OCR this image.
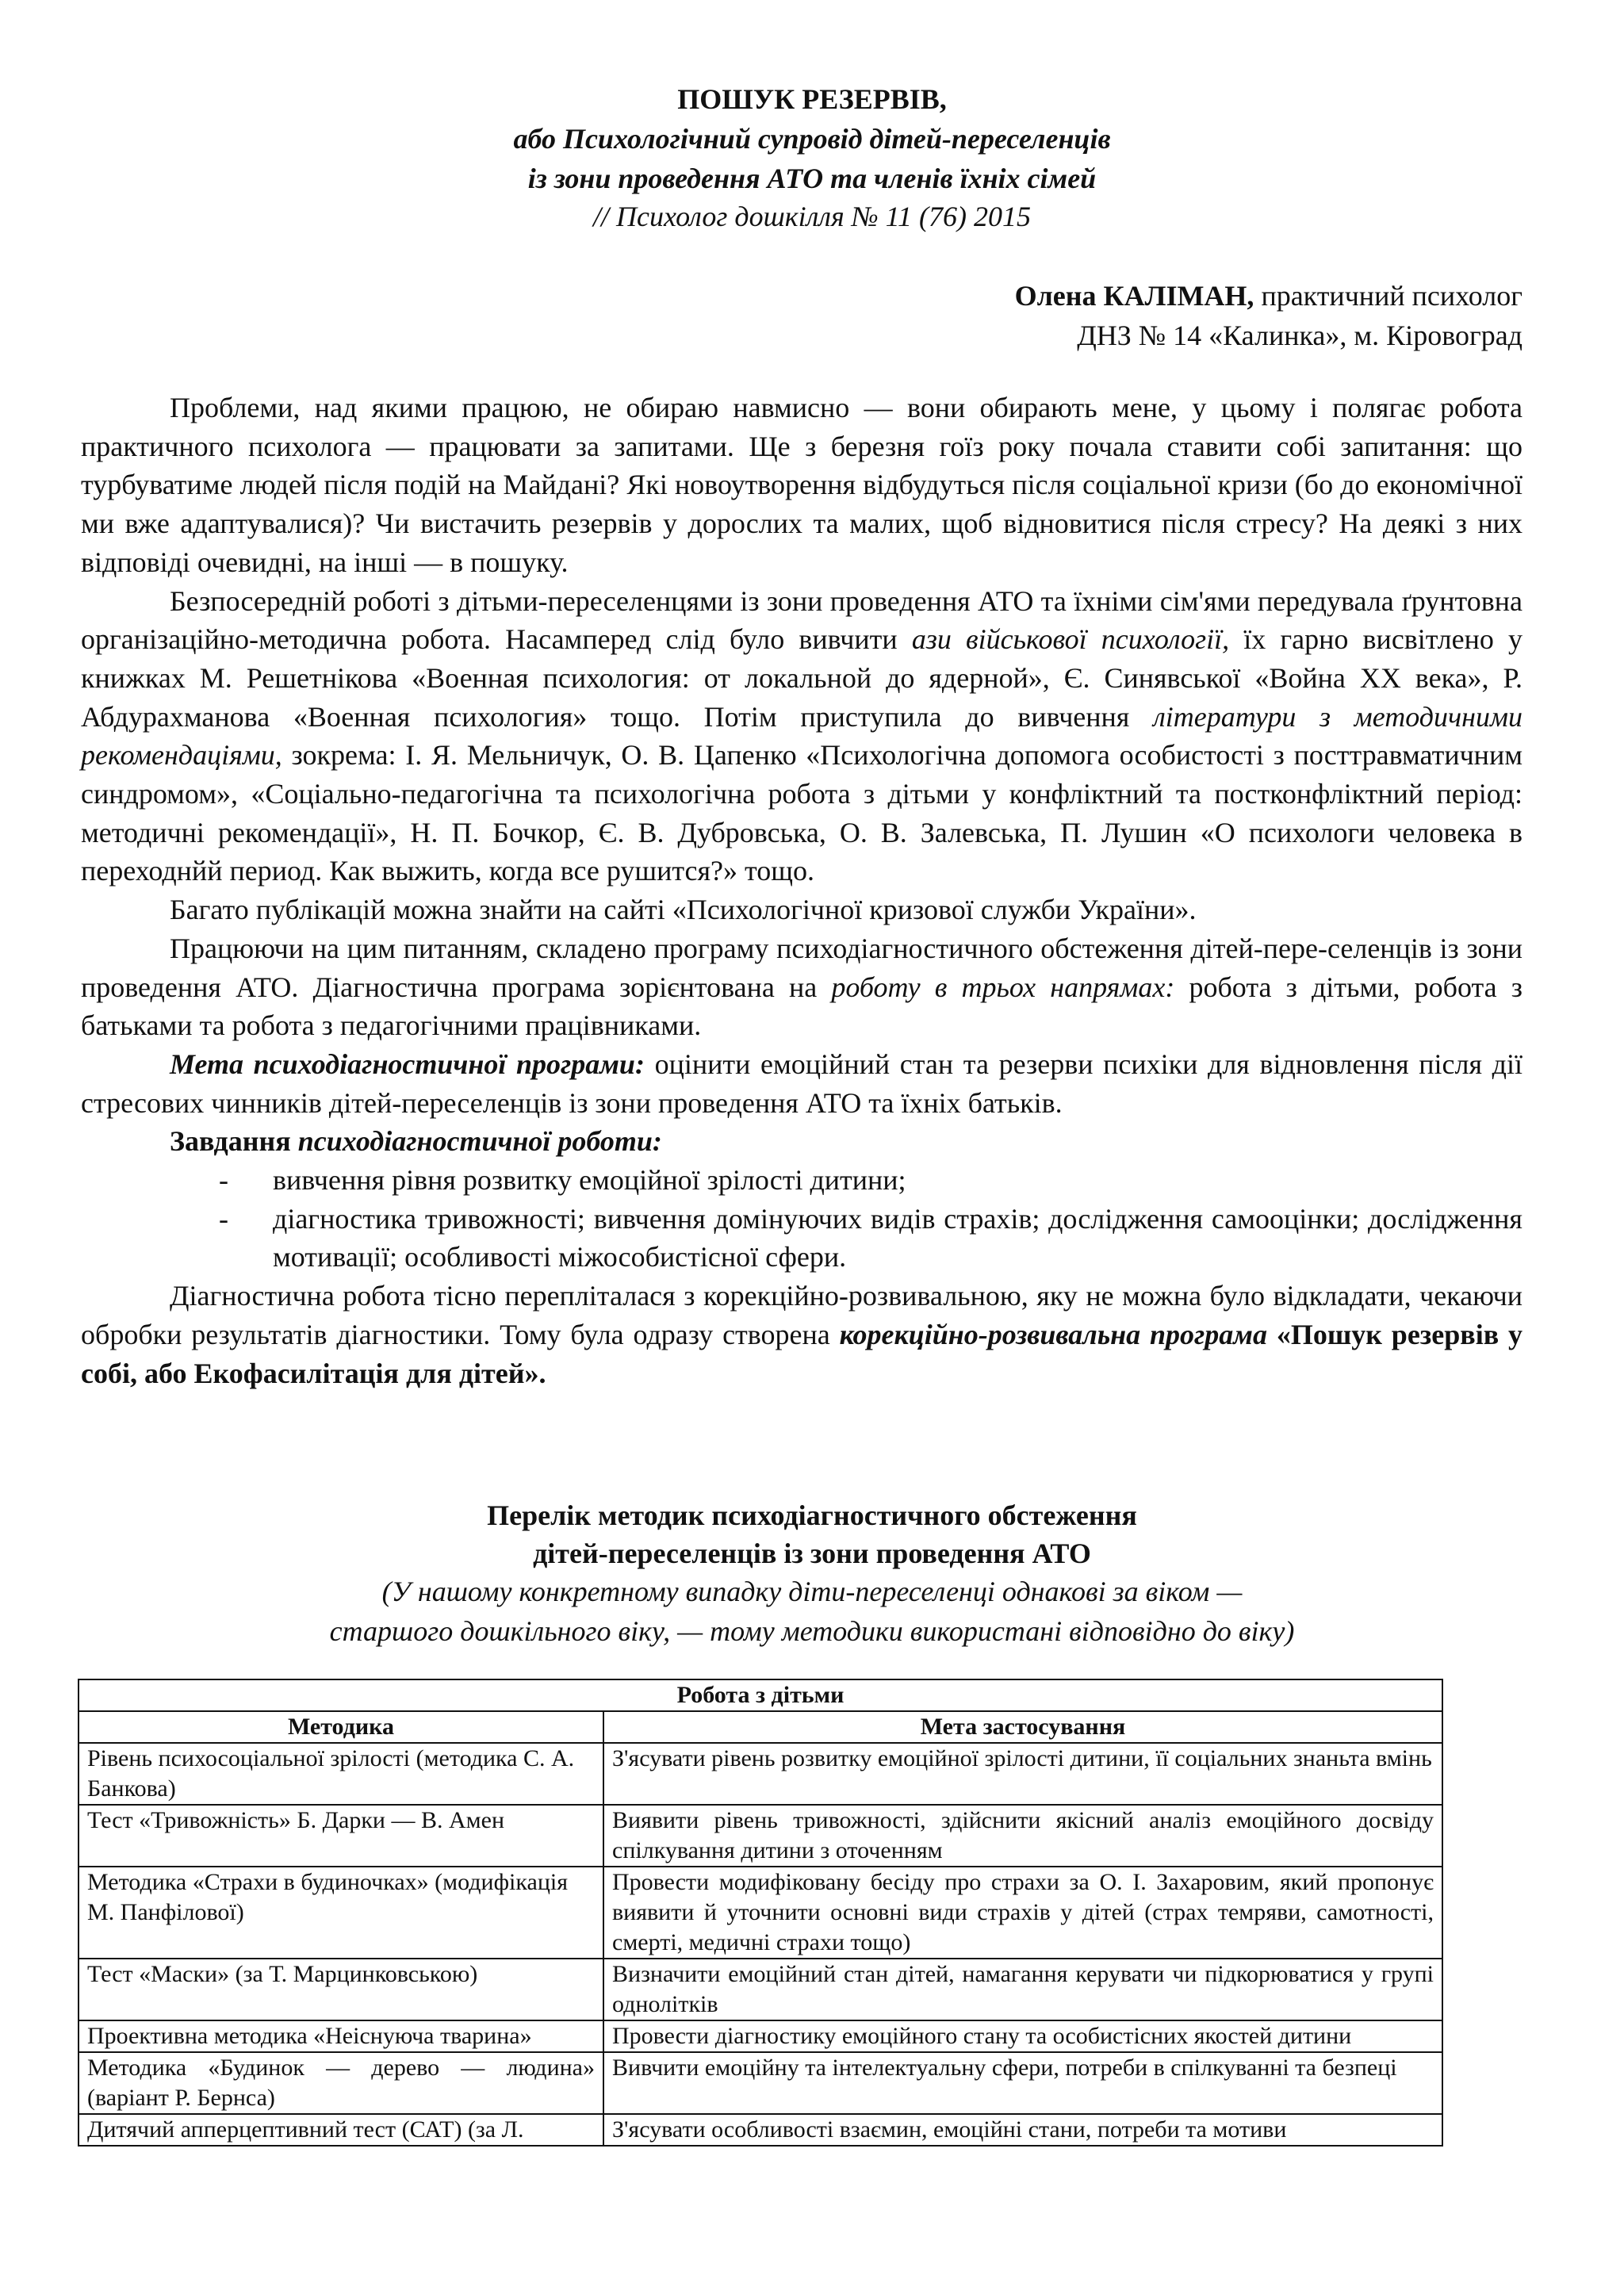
ПОШУК РЕЗЕРВІВ,
або Психологічний супровід дітей-переселенців
із зони проведення АТО та членів їхніх сімей
// Психолог дошкілля № 11 (76) 2015
Олена КАЛІМАН, практичний психолог
ДНЗ № 14 «Калинка», м. Кіровоград

Проблеми, над якими працюю, не обираю навмисно — вони обирають мене, у цьому і полягає робота практичного психолога — працювати за запитами. Ще з березня гоїз року почала ставити собі запитання: що турбуватиме людей після подій на Майдані? Які новоутворення відбудуться після соціальної кризи (бо до економічної ми вже адаптувалися)? Чи вистачить резервів у дорослих та малих, щоб відновитися після стресу? На деякі з них відповіді очевидні, на інші — в пошуку.

Безпосередній роботі з дітьми-переселенцями із зони проведення АТО та їхніми сім'ями передувала ґрунтовна організаційно-методична робота. Насамперед слід було вивчити ази військової психології, їх гарно висвітлено у книжках М. Решетнікова «Военная психология: от локальной до ядерной», Є. Синявської «Война XX века», Р. Абдурахманова «Военная психология» тощо. Потім приступила до вивчення літератури з методичними рекомендаціями, зокрема: І. Я. Мельничук, О. В. Цапенко «Психологічна допомога особистості з посттравматичним синдромом», «Соціально-педагогічна та психологічна робота з дітьми у конфліктний та постконфліктний період: методичні рекомендації», Н. П. Бочкор, Є. В. Дубровська, О. В. Залевська, П. Лушин «О психологи человека в переходнйй период. Как выжить, когда все рушится?» тощо.

Багато публікацій можна знайти на сайті «Психологічної кризової служби України».

Працюючи на цим питанням, складено програму психодіагностичного обстеження дітей-пере-селенців із зони проведення АТО. Діагностична програма зорієнтована на роботу в трьох напрямах: робота з дітьми, робота з батьками та робота з педагогічними працівниками.

Мета психодіагностичної програми: оцінити емоційний стан та резерви психіки для відновлення після дії стресових чинників дітей-переселенців із зони проведення АТО та їхніх батьків.

Завдання психодіагностичної роботи:
-	вивчення рівня розвитку емоційної зрілості дитини;
-	діагностика тривожності; вивчення домінуючих видів страхів; дослідження самооцінки; дослідження мотивації; особливості міжособистісної сфери.

Діагностична робота тісно перепліталася з корекційно-розвивальною, яку не можна було відкладати, чекаючи обробки результатів діагностики. Тому була одразу створена корекційно-розвивальна програма «Пошук резервів у собі, або Екофасилітація для дітей».

Перелік методик психодіагностичного обстеження
дітей-переселенців із зони проведення АТО
(У нашому конкретному випадку діти-переселенці однакові за віком —
старшого дошкільного віку, — тому методики використані відповідно до віку)
Робота з дітьми	
Методика	Мета застосування
Рівень психосоціальної зрілості (методика С. А. Банкова)	З'ясувати рівень розвитку емоційної зрілості дитини, її соціальних знаньта вмінь
Тест «Тривожність» Б. Дарки — В. Амен	Виявити рівень тривожності, здійснити якісний аналіз емоційного досвіду спілкування дитини з оточенням
Методика «Страхи в будиночках» (модифікація М. Панфілової)	Провести модифіковану бесіду про страхи за О. І. Захаровим, який пропонує виявити й уточнити основні види страхів у дітей (страх темряви, самотності, смерті, медичні страхи тощо)
Тест «Маски» (за Т. Марцинковською)	Визначити емоційний стан дітей, намагання керувати чи підкорюватися у групі однолітків
Проективна методика «Неіснуюча тварина»	Провести діагностику емоційного стану та особистісних якостей дитини
Методика «Будинок — дерево — людина» (варіант Р. Бернса)	Вивчити емоційну та інтелектуальну сфери, потреби в спілкуванні та безпеці
Дитячий апперцептивний тест (САТ) (за Л.	З'ясувати особливості взаємин, емоційні стани, потреби та мотиви
